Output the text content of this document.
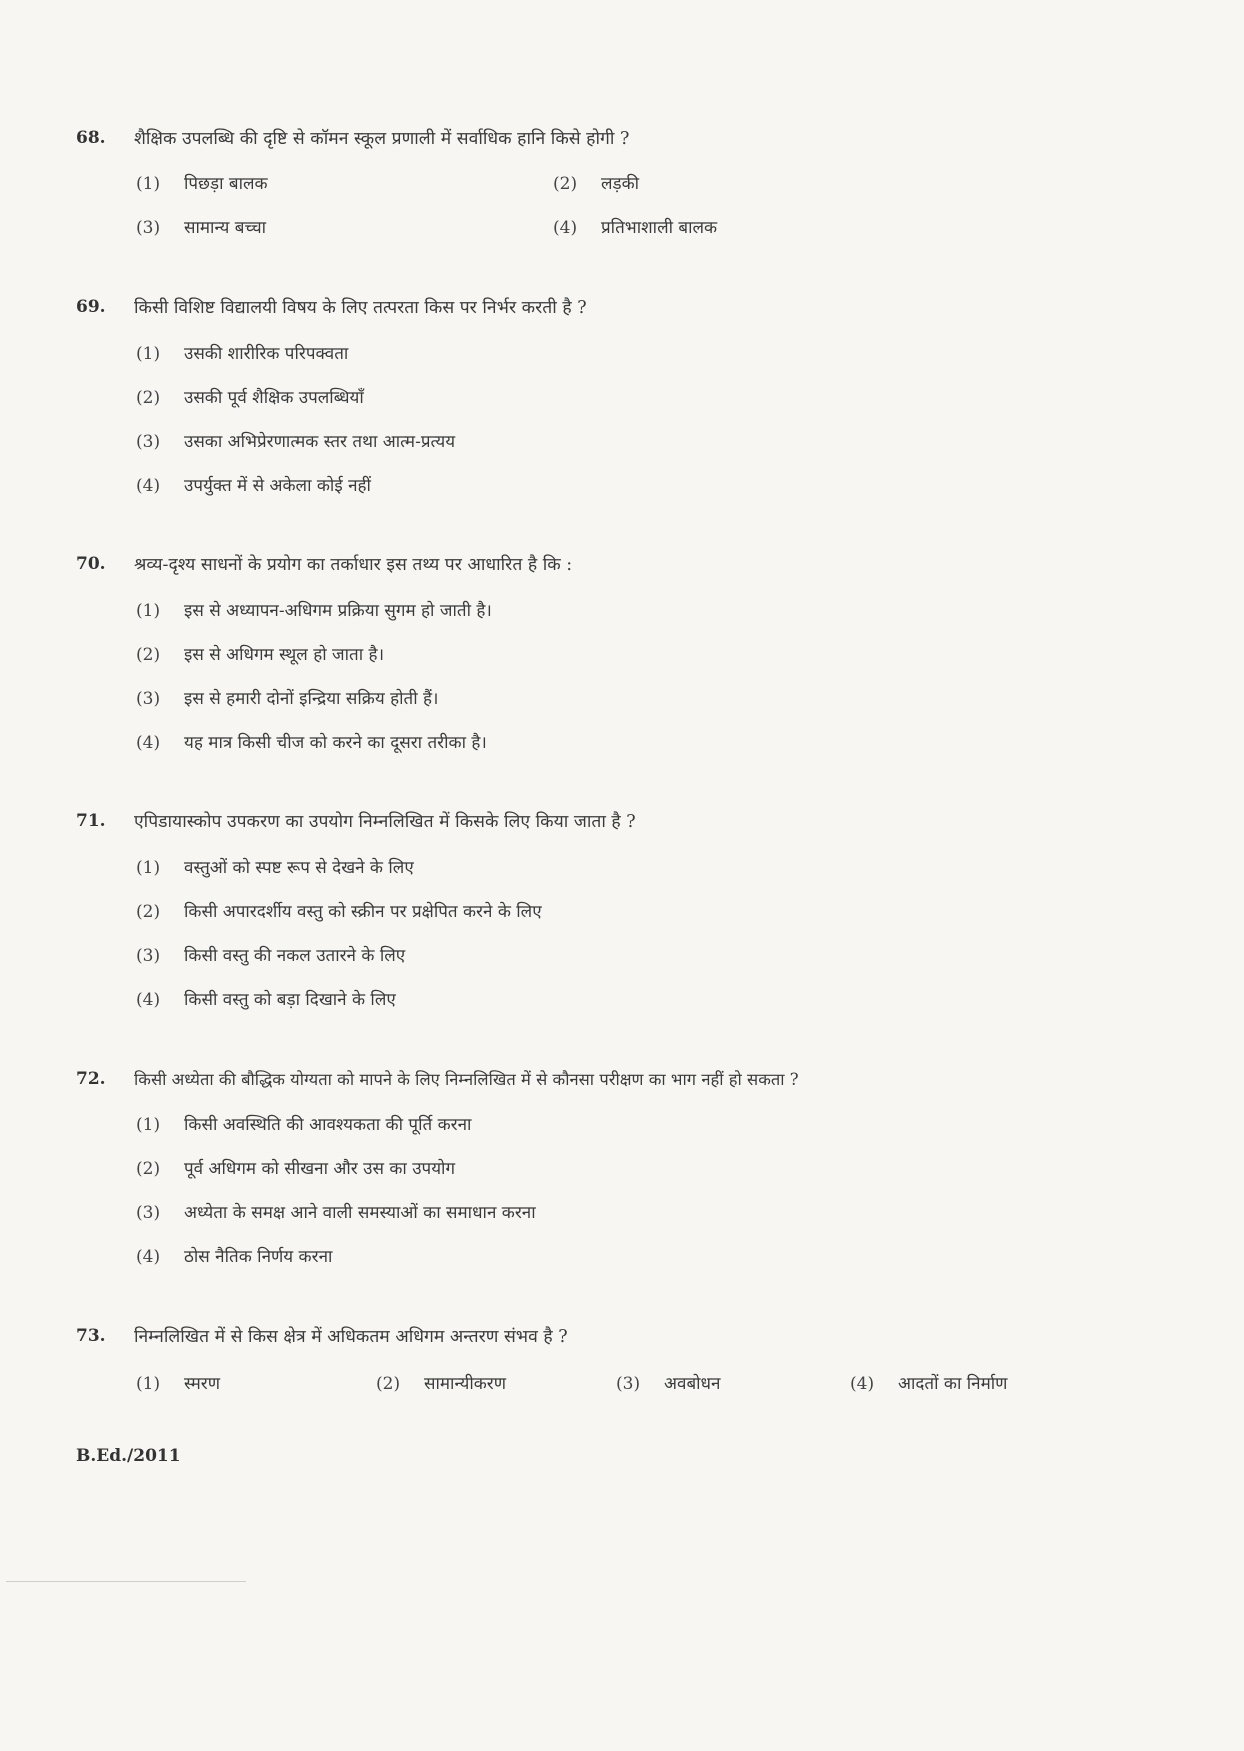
68. शैक्षिक उपलब्धि की दृष्टि से कॉमन स्कूल प्रणाली में सर्वाधिक हानि किसे होगी ?
(1) पिछड़ा बालक	(2) लड़की
(3) सामान्य बच्चा	(4) प्रतिभाशाली बालक
69. किसी विशिष्ट विद्यालयी विषय के लिए तत्परता किस पर निर्भर करती है ?
(1) उसकी शारीरिक परिपक्वता
(2) उसकी पूर्व शैक्षिक उपलब्धियाँ
(3) उसका अभिप्रेरणात्मक स्तर तथा आत्म-प्रत्यय
(4) उपर्युक्त में से अकेला कोई नहीं
70. श्रव्य-दृश्य साधनों के प्रयोग का तर्काधार इस तथ्य पर आधारित है कि :
(1) इस से अध्यापन-अधिगम प्रक्रिया सुगम हो जाती है।
(2) इस से अधिगम स्थूल हो जाता है।
(3) इस से हमारी दोनों इन्द्रिया सक्रिय होती हैं।
(4) यह मात्र किसी चीज को करने का दूसरा तरीका है।
71. एपिडायास्कोप उपकरण का उपयोग निम्नलिखित में किसके लिए किया जाता है ?
(1) वस्तुओं को स्पष्ट रूप से देखने के लिए
(2) किसी अपारदर्शीय वस्तु को स्क्रीन पर प्रक्षेपित करने के लिए
(3) किसी वस्तु की नकल उतारने के लिए
(4) किसी वस्तु को बड़ा दिखाने के लिए
72. किसी अध्येता की बौद्धिक योग्यता को मापने के लिए निम्नलिखित में से कौनसा परीक्षण का भाग नहीं हो सकता ?
(1) किसी अवस्थिति की आवश्यकता की पूर्ति करना
(2) पूर्व अधिगम को सीखना और उस का उपयोग
(3) अध्येता के समक्ष आने वाली समस्याओं का समाधान करना
(4) ठोस नैतिक निर्णय करना
73. निम्नलिखित में से किस क्षेत्र में अधिकतम अधिगम अन्तरण संभव है ?
(1) स्मरण	(2) सामान्यीकरण	(3) अवबोधन	(4) आदतों का निर्माण
B.Ed./2011
